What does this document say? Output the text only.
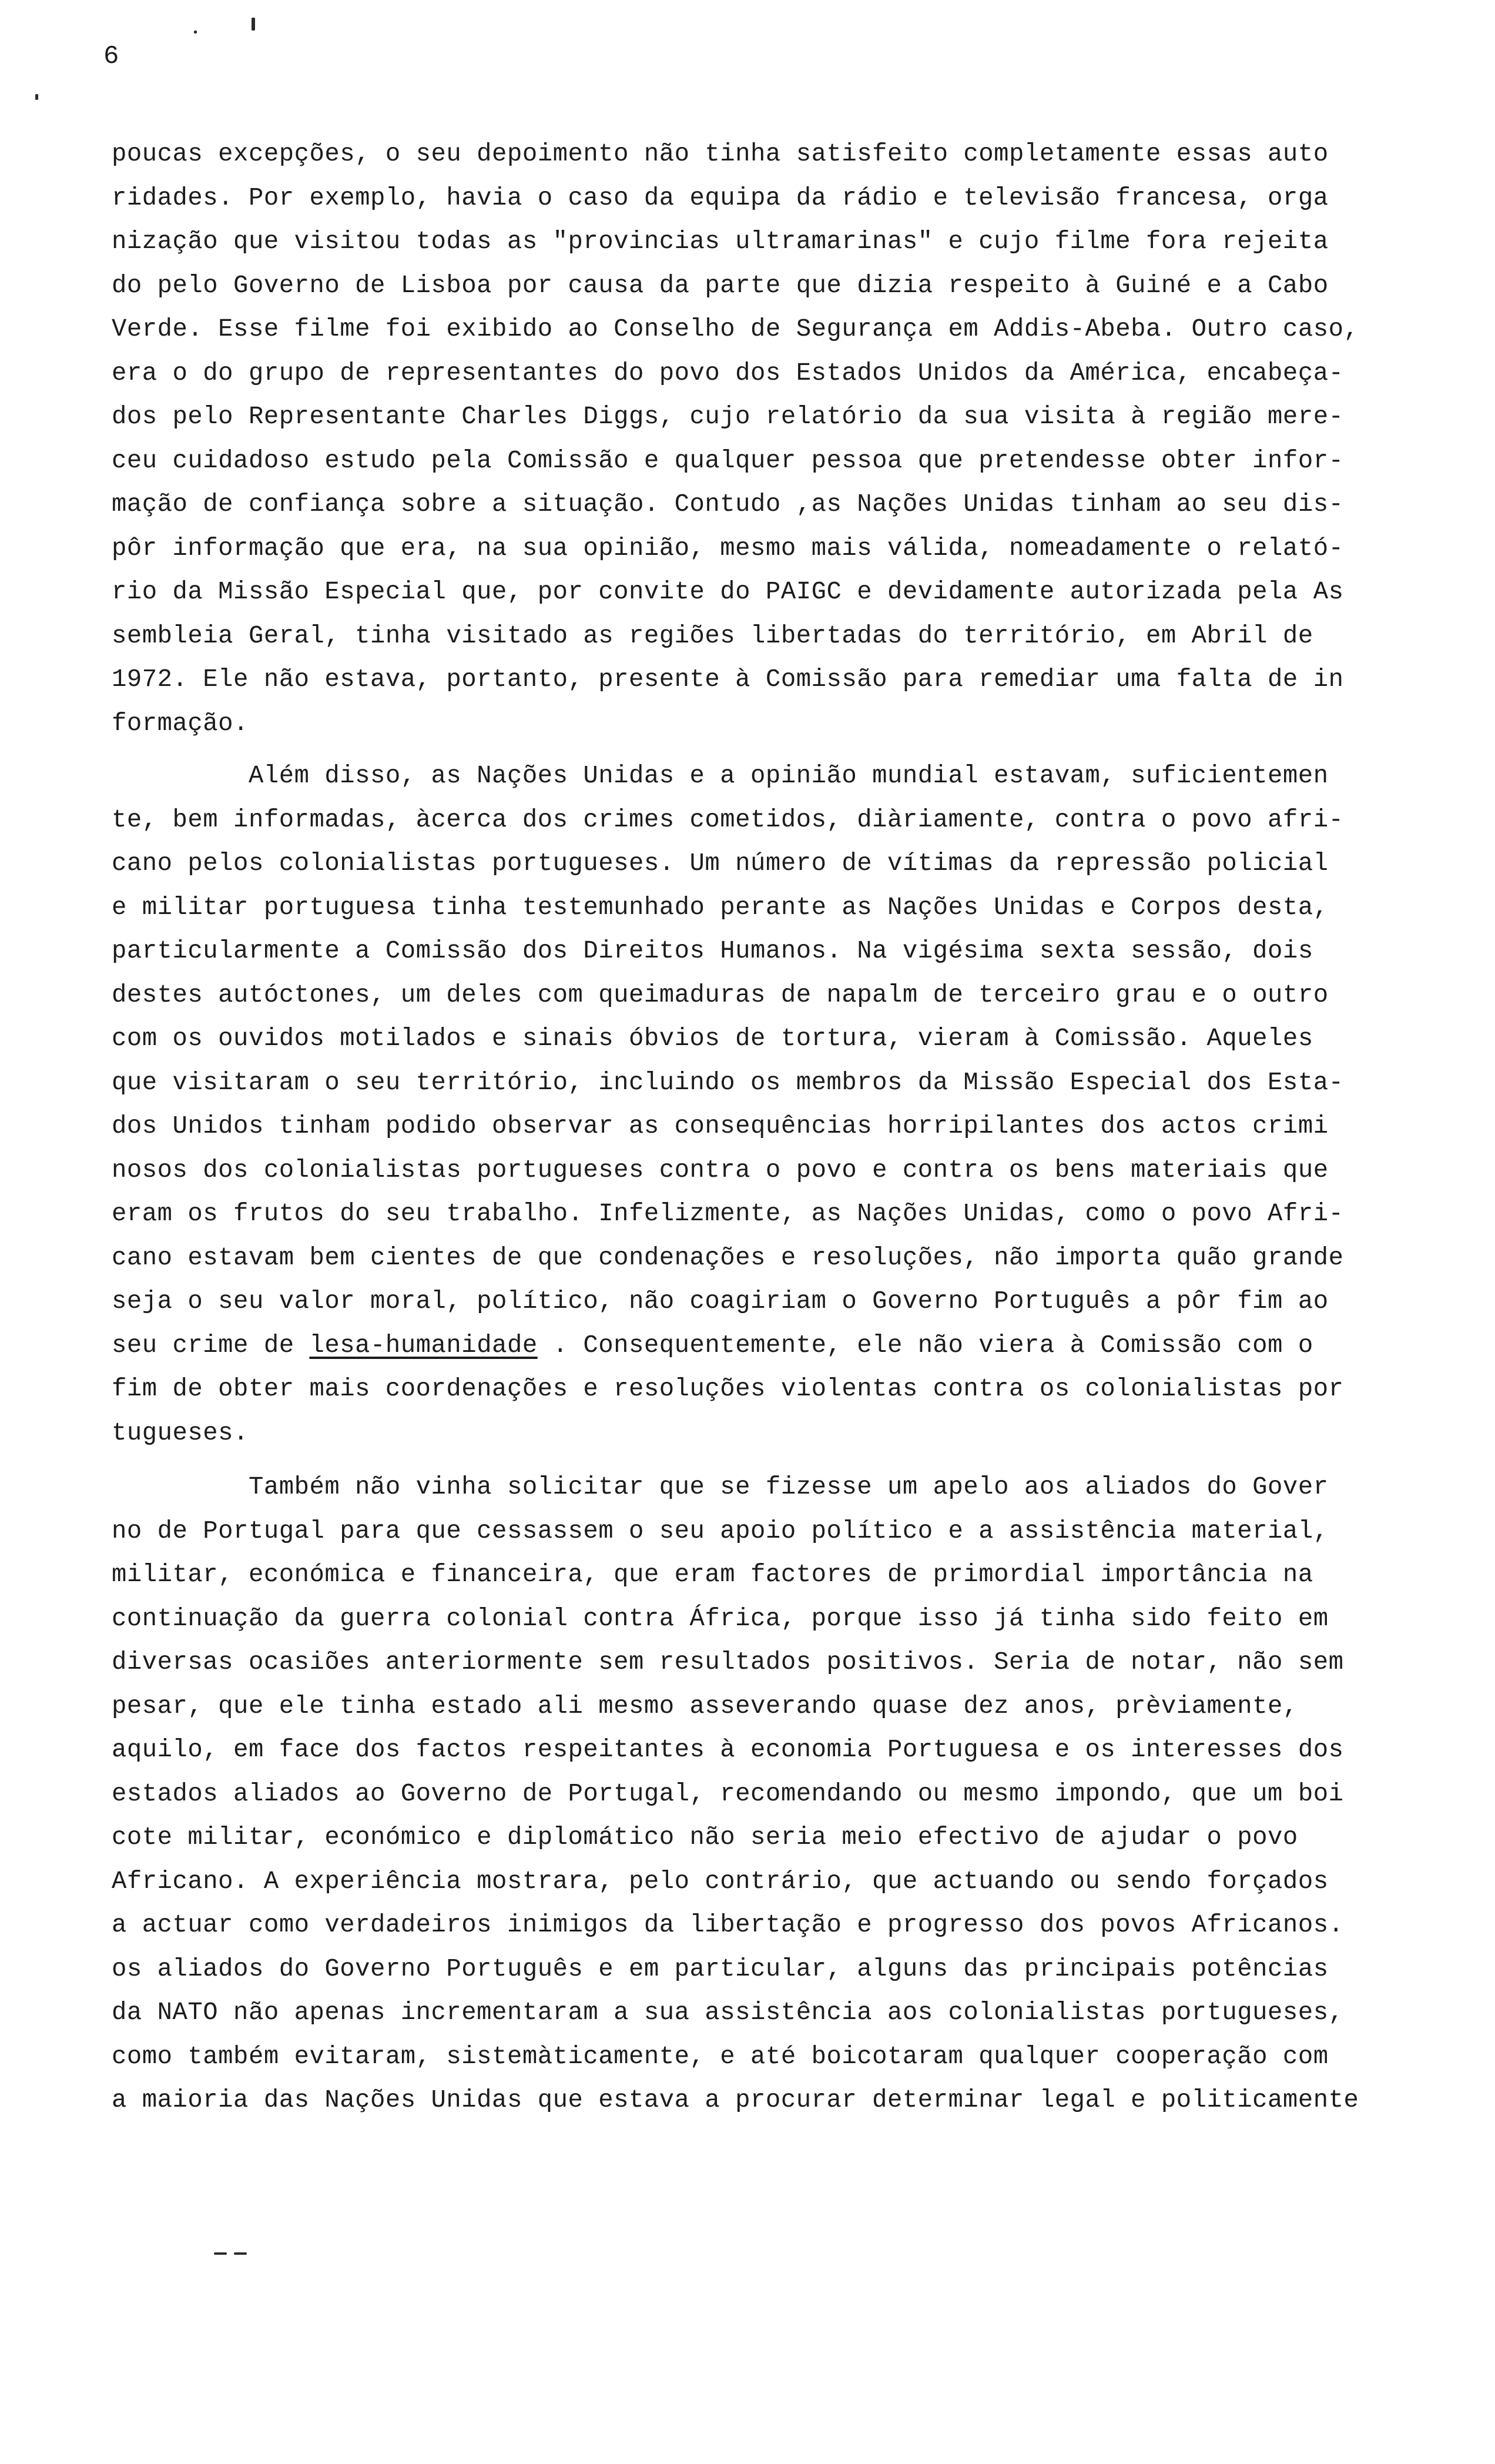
6
poucas excepções, o seu depoimento não tinha satisfeito completamente essas auto
ridades. Por exemplo, havia o caso da equipa da rádio e televisão francesa, orga
nização que visitou todas as "provincias ultramarinas" e cujo filme fora rejeita
do pelo Governo de Lisboa por causa da parte que dizia respeito à Guiné e a Cabo
Verde. Esse filme foi exibido ao Conselho de Segurança em Addis-Abeba. Outro caso,
era o do grupo de representantes do povo dos Estados Unidos da América, encabeça-
dos pelo Representante Charles Diggs, cujo relatório da sua visita à região mere-
ceu cuidadoso estudo pela Comissão e qualquer pessoa que pretendesse obter infor-
mação de confiança sobre a situação. Contudo ,as Nações Unidas tinham ao seu dis-
pôr informação que era, na sua opinião, mesmo mais válida, nomeadamente o relató-
rio da Missão Especial que, por convite do PAIGC e devidamente autorizada pela As
sembleia Geral, tinha visitado as regiões libertadas do território, em Abril de
1972. Ele não estava, portanto, presente à Comissão para remediar uma falta de in
formação.
Além disso, as Nações Unidas e a opinião mundial estavam, suficientemen
te, bem informadas, àcerca dos crimes cometidos, diàriamente, contra o povo afri-
cano pelos colonialistas portugueses. Um número de vítimas da repressão policial
e militar portuguesa tinha testemunhado perante as Nações Unidas e Corpos desta,
particularmente a Comissão dos Direitos Humanos. Na vigésima sexta sessão, dois
destes autóctones, um deles com queimaduras de napalm de terceiro grau e o outro
com os ouvidos motilados e sinais óbvios de tortura, vieram à Comissão. Aqueles
que visitaram o seu território, incluindo os membros da Missão Especial dos Esta-
dos Unidos tinham podido observar as consequências horripilantes dos actos crimi
nosos dos colonialistas portugueses contra o povo e contra os bens materiais que
eram os frutos do seu trabalho. Infelizmente, as Nações Unidas, como o povo Afri-
cano estavam bem cientes de que condenações e resoluções, não importa quão grande
seja o seu valor moral, político, não coagiriam o Governo Português a pôr fim ao
seu crime de lesa-humanidade . Consequentemente, ele não viera à Comissão com o
fim de obter mais coordenações e resoluções violentas contra os colonialistas por
tugueses.
Também não vinha solicitar que se fizesse um apelo aos aliados do Gover
no de Portugal para que cessassem o seu apoio político e a assistência material,
militar, económica e financeira, que eram factores de primordial importância na
continuação da guerra colonial contra África, porque isso já tinha sido feito em
diversas ocasiões anteriormente sem resultados positivos. Seria de notar, não sem
pesar, que ele tinha estado ali mesmo asseverando quase dez anos, prèviamente,
aquilo, em face dos factos respeitantes à economia Portuguesa e os interesses dos
estados aliados ao Governo de Portugal, recomendando ou mesmo impondo, que um boi
cote militar, económico e diplomático não seria meio efectivo de ajudar o povo
Africano. A experiência mostrara, pelo contrário, que actuando ou sendo forçados
a actuar como verdadeiros inimigos da libertação e progresso dos povos Africanos.
os aliados do Governo Português e em particular, alguns das principais potências
da NATO não apenas incrementaram a sua assistência aos colonialistas portugueses,
como também evitaram, sistemàticamente, e até boicotaram qualquer cooperação com
a maioria das Nações Unidas que estava a procurar determinar legal e politicamente
